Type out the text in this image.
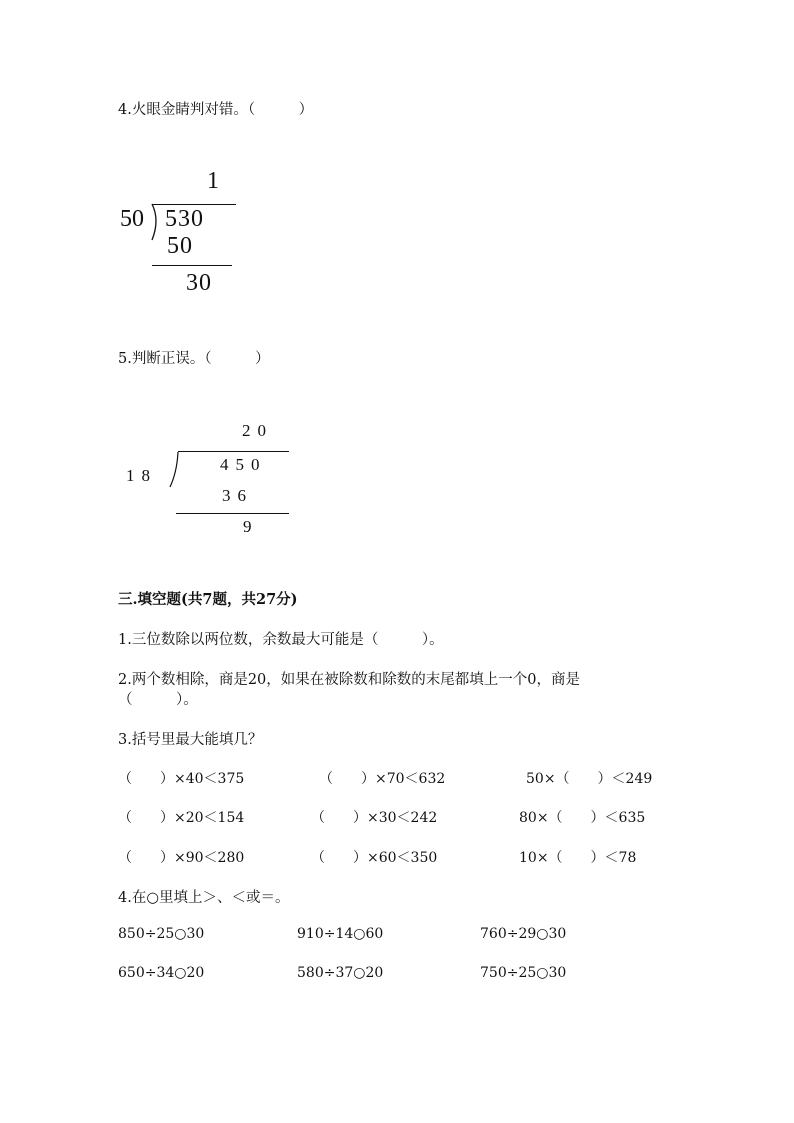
4.火眼金睛判对错。（　　　）
1
50 530
50
30
5.判断正误。（　　　）
20
18
450
36
9
三.填空题(共7题，共27分)
1.三位数除以两位数，余数最大可能是（　　　）。
2.两个数相除，商是20，如果在被除数和除数的末尾都填上一个0，商是
（　　　）。
3.括号里最大能填几？
（　　）×40＜375	（　　）×70＜632	50×（　　）＜249
（　　）×20＜154	（　　）×30＜242	80×（　　）＜635
（　　）×90＜280	（　　）×60＜350	10×（　　）＜78
4.在○里填上＞、＜或＝。
850÷25○30	910÷14○60	760÷29○30
650÷34○20	580÷37○20	750÷25○30
